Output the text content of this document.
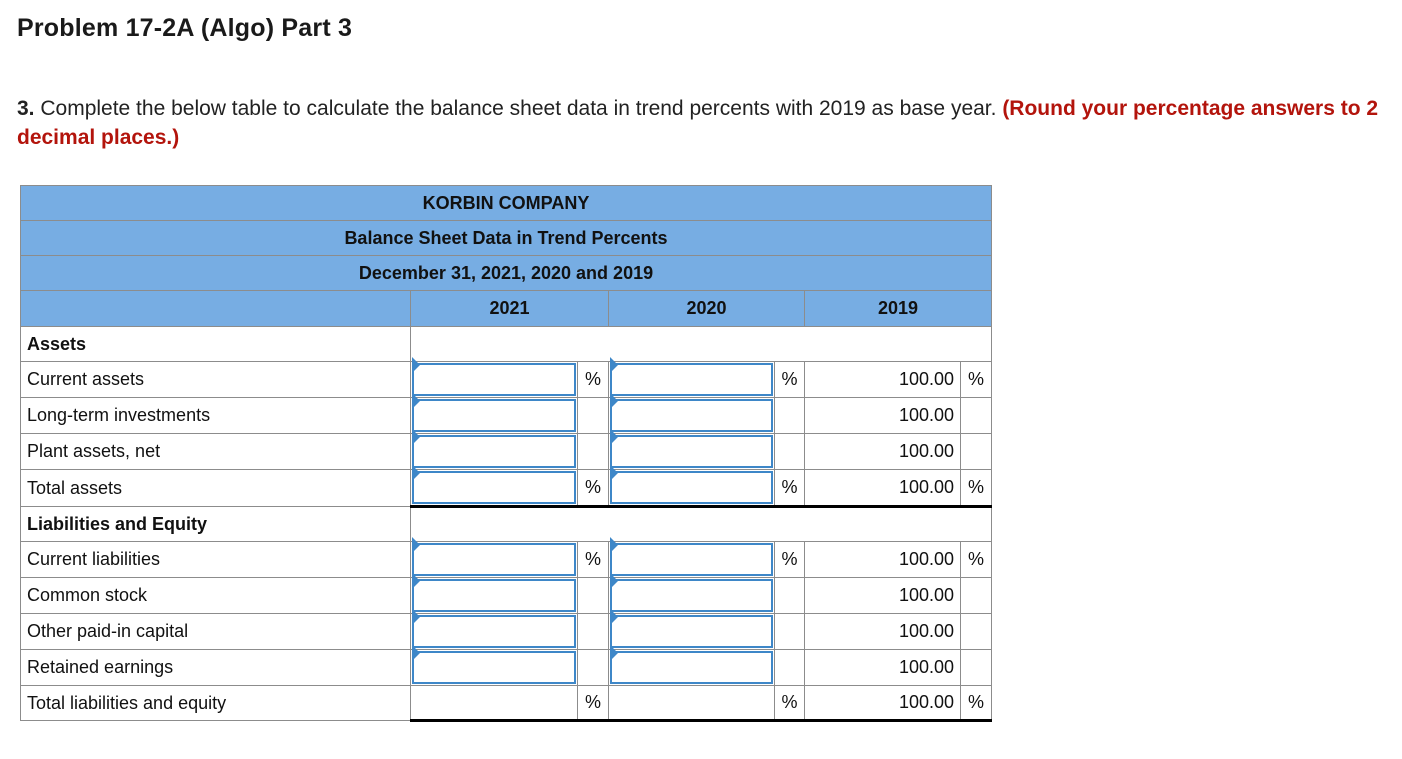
Problem 17-2A (Algo) Part 3
3. Complete the below table to calculate the balance sheet data in trend percents with 2019 as base year. (Round your percentage answers to 2 decimal places.)
KORBIN COMPANY						
Balance Sheet Data in Trend Percents						
December 31, 2021, 2020 and 2019						
	2021		2020		2019	
Assets						
Current assets		%		%	100.00	%
Long-term investments					100.00	
Plant assets, net					100.00	
Total assets		%		%	100.00	%
Liabilities and Equity						
Current liabilities		%		%	100.00	%
Common stock					100.00	
Other paid-in capital					100.00	
Retained earnings					100.00	
Total liabilities and equity		%		%	100.00	%
